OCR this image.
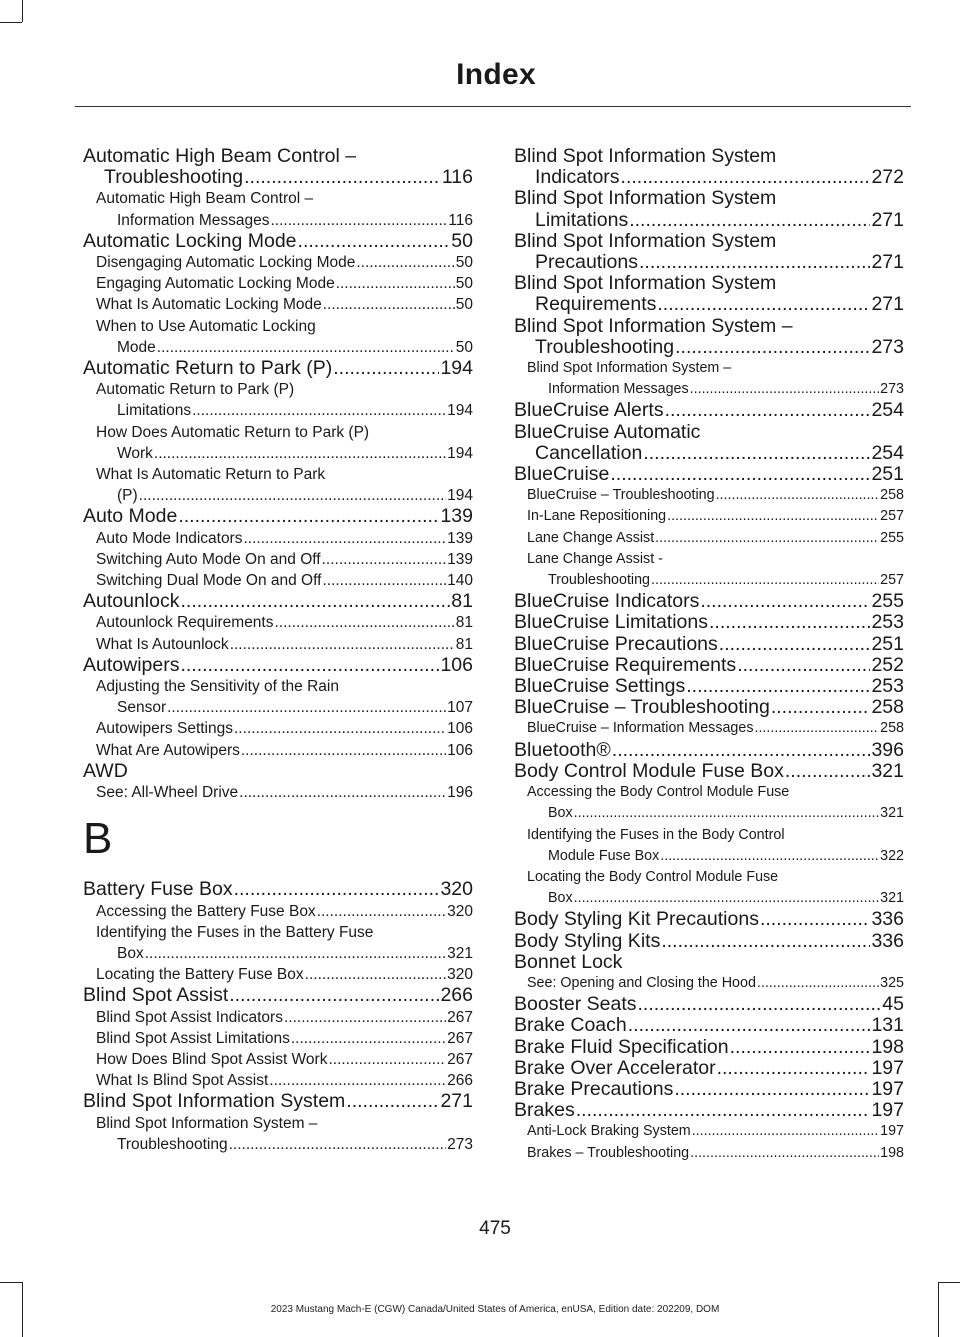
Index
Automatic High Beam Control –
Troubleshooting .....	116
Automatic High Beam Control –
Information Messages .....	116
Automatic Locking Mode .....	50
Disengaging Automatic Locking Mode .....	50
Engaging Automatic Locking Mode .....	50
What Is Automatic Locking Mode .....	50
When to Use Automatic Locking
Mode .....	50
Automatic Return to Park (P) .....	194
Automatic Return to Park (P)
Limitations .....	194
How Does Automatic Return to Park (P)
Work .....	194
What Is Automatic Return to Park
(P) .....	194
Auto Mode .....	139
Auto Mode Indicators .....	139
Switching Auto Mode On and Off .....	139
Switching Dual Mode On and Off .....	140
Autounlock .....	81
Autounlock Requirements .....	81
What Is Autounlock .....	81
Autowipers .....	106
Adjusting the Sensitivity of the Rain
Sensor .....	107
Autowipers Settings .....	106
What Are Autowipers .....	106
AWD
See: All-Wheel Drive .....	196
B
Battery Fuse Box .....	320
Accessing the Battery Fuse Box .....	320
Identifying the Fuses in the Battery Fuse
Box .....	321
Locating the Battery Fuse Box .....	320
Blind Spot Assist .....	266
Blind Spot Assist Indicators .....	267
Blind Spot Assist Limitations .....	267
How Does Blind Spot Assist Work .....	267
What Is Blind Spot Assist .....	266
Blind Spot Information System .....	271
Blind Spot Information System –
Troubleshooting .....	273
Blind Spot Information System
Indicators .....	272
Blind Spot Information System
Limitations .....	271
Blind Spot Information System
Precautions .....	271
Blind Spot Information System
Requirements .....	271
Blind Spot Information System –
Troubleshooting .....	273
Blind Spot Information System –
Information Messages .....	273
BlueCruise Alerts .....	254
BlueCruise Automatic
Cancellation .....	254
BlueCruise .....	251
BlueCruise – Troubleshooting .....	258
In-Lane Repositioning .....	257
Lane Change Assist .....	255
Lane Change Assist -
Troubleshooting .....	257
BlueCruise Indicators .....	255
BlueCruise Limitations .....	253
BlueCruise Precautions .....	251
BlueCruise Requirements .....	252
BlueCruise Settings .....	253
BlueCruise – Troubleshooting .....	258
BlueCruise – Information Messages .....	258
Bluetooth® .....	396
Body Control Module Fuse Box .....	321
Accessing the Body Control Module Fuse
Box .....	321
Identifying the Fuses in the Body Control
Module Fuse Box .....	322
Locating the Body Control Module Fuse
Box .....	321
Body Styling Kit Precautions .....	336
Body Styling Kits .....	336
Bonnet Lock
See: Opening and Closing the Hood .....	325
Booster Seats .....	45
Brake Coach .....	131
Brake Fluid Specification .....	198
Brake Over Accelerator .....	197
Brake Precautions .....	197
Brakes .....	197
Anti-Lock Braking System .....	197
Brakes – Troubleshooting .....	198
475
2023 Mustang Mach-E (CGW) Canada/United States of America, enUSA, Edition date: 202209, DOM
